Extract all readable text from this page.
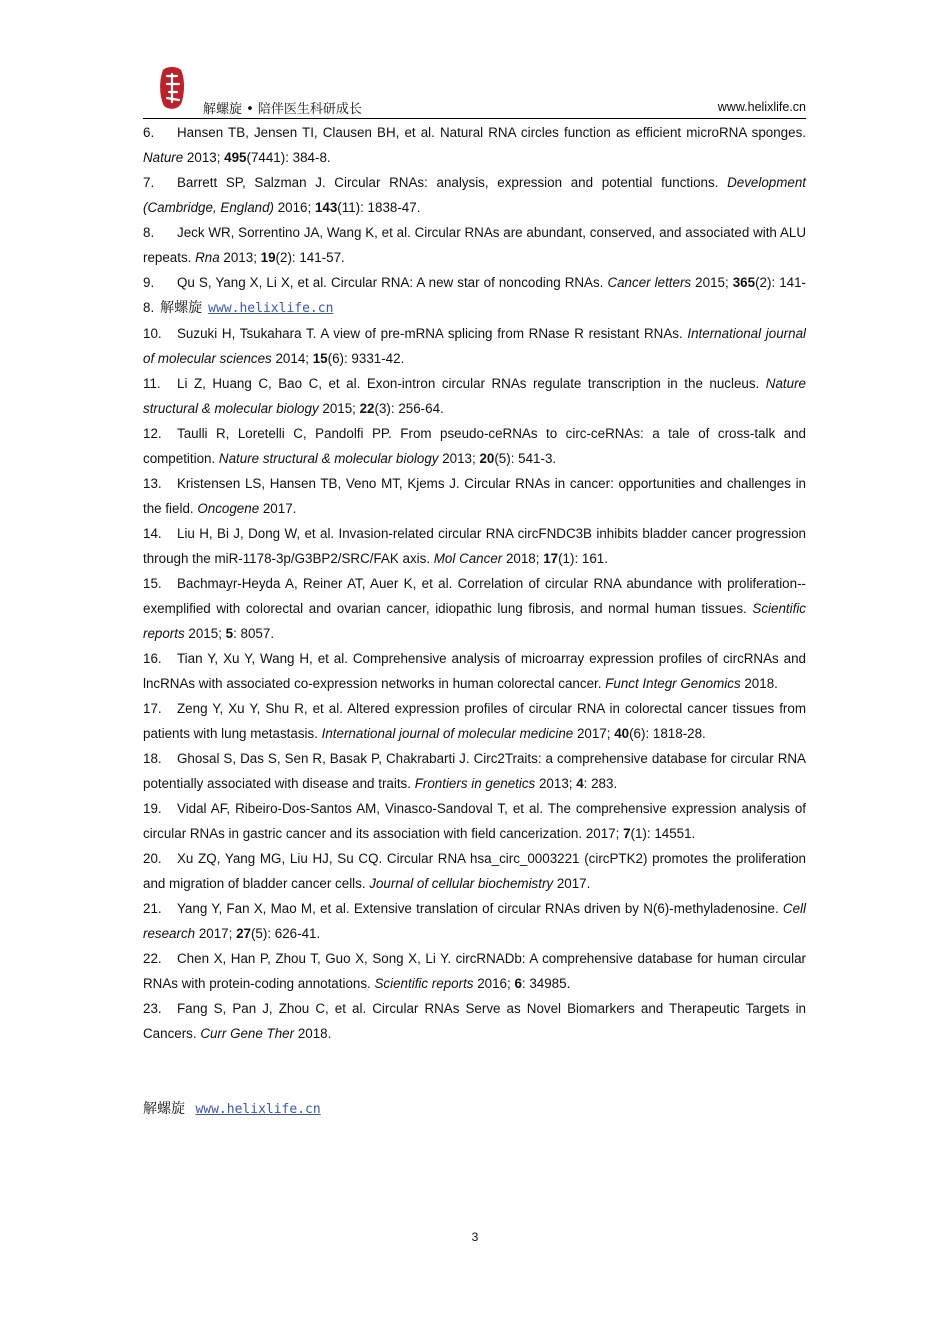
解螺旋 • 陪伴医生科研成长	www.helixlife.cn

6. Hansen TB, Jensen TI, Clausen BH, et al. Natural RNA circles function as efficient microRNA sponges. Nature 2013; 495(7441): 384-8.

7. Barrett SP, Salzman J. Circular RNAs: analysis, expression and potential functions. Development (Cambridge, England) 2016; 143(11): 1838-47.

8. Jeck WR, Sorrentino JA, Wang K, et al. Circular RNAs are abundant, conserved, and associated with ALU repeats. Rna 2013; 19(2): 141-57.

9. Qu S, Yang X, Li X, et al. Circular RNA: A new star of noncoding RNAs. Cancer letters 2015; 365(2): 141-8. 解螺旋 www.helixlife.cn

10. Suzuki H, Tsukahara T. A view of pre-mRNA splicing from RNase R resistant RNAs. International journal of molecular sciences 2014; 15(6): 9331-42.

11. Li Z, Huang C, Bao C, et al. Exon-intron circular RNAs regulate transcription in the nucleus. Nature structural & molecular biology 2015; 22(3): 256-64.

12. Taulli R, Loretelli C, Pandolfi PP. From pseudo-ceRNAs to circ-ceRNAs: a tale of cross-talk and competition. Nature structural & molecular biology 2013; 20(5): 541-3.

13. Kristensen LS, Hansen TB, Veno MT, Kjems J. Circular RNAs in cancer: opportunities and challenges in the field. Oncogene 2017.

14. Liu H, Bi J, Dong W, et al. Invasion-related circular RNA circFNDC3B inhibits bladder cancer progression through the miR-1178-3p/G3BP2/SRC/FAK axis. Mol Cancer 2018; 17(1): 161.

15. Bachmayr-Heyda A, Reiner AT, Auer K, et al. Correlation of circular RNA abundance with proliferation--exemplified with colorectal and ovarian cancer, idiopathic lung fibrosis, and normal human tissues. Scientific reports 2015; 5: 8057.

16. Tian Y, Xu Y, Wang H, et al. Comprehensive analysis of microarray expression profiles of circRNAs and lncRNAs with associated co-expression networks in human colorectal cancer. Funct Integr Genomics 2018.

17. Zeng Y, Xu Y, Shu R, et al. Altered expression profiles of circular RNA in colorectal cancer tissues from patients with lung metastasis. International journal of molecular medicine 2017; 40(6): 1818-28.

18. Ghosal S, Das S, Sen R, Basak P, Chakrabarti J. Circ2Traits: a comprehensive database for circular RNA potentially associated with disease and traits. Frontiers in genetics 2013; 4: 283.

19. Vidal AF, Ribeiro-Dos-Santos AM, Vinasco-Sandoval T, et al. The comprehensive expression analysis of circular RNAs in gastric cancer and its association with field cancerization. 2017; 7(1): 14551.

20. Xu ZQ, Yang MG, Liu HJ, Su CQ. Circular RNA hsa_circ_0003221 (circPTK2) promotes the proliferation and migration of bladder cancer cells. Journal of cellular biochemistry 2017.

21. Yang Y, Fan X, Mao M, et al. Extensive translation of circular RNAs driven by N(6)-methyladenosine. Cell research 2017; 27(5): 626-41.

22. Chen X, Han P, Zhou T, Guo X, Song X, Li Y. circRNADb: A comprehensive database for human circular RNAs with protein-coding annotations. Scientific reports 2016; 6: 34985.

23. Fang S, Pan J, Zhou C, et al. Circular RNAs Serve as Novel Biomarkers and Therapeutic Targets in Cancers. Curr Gene Ther 2018.

解螺旋 www.helixlife.cn
3
